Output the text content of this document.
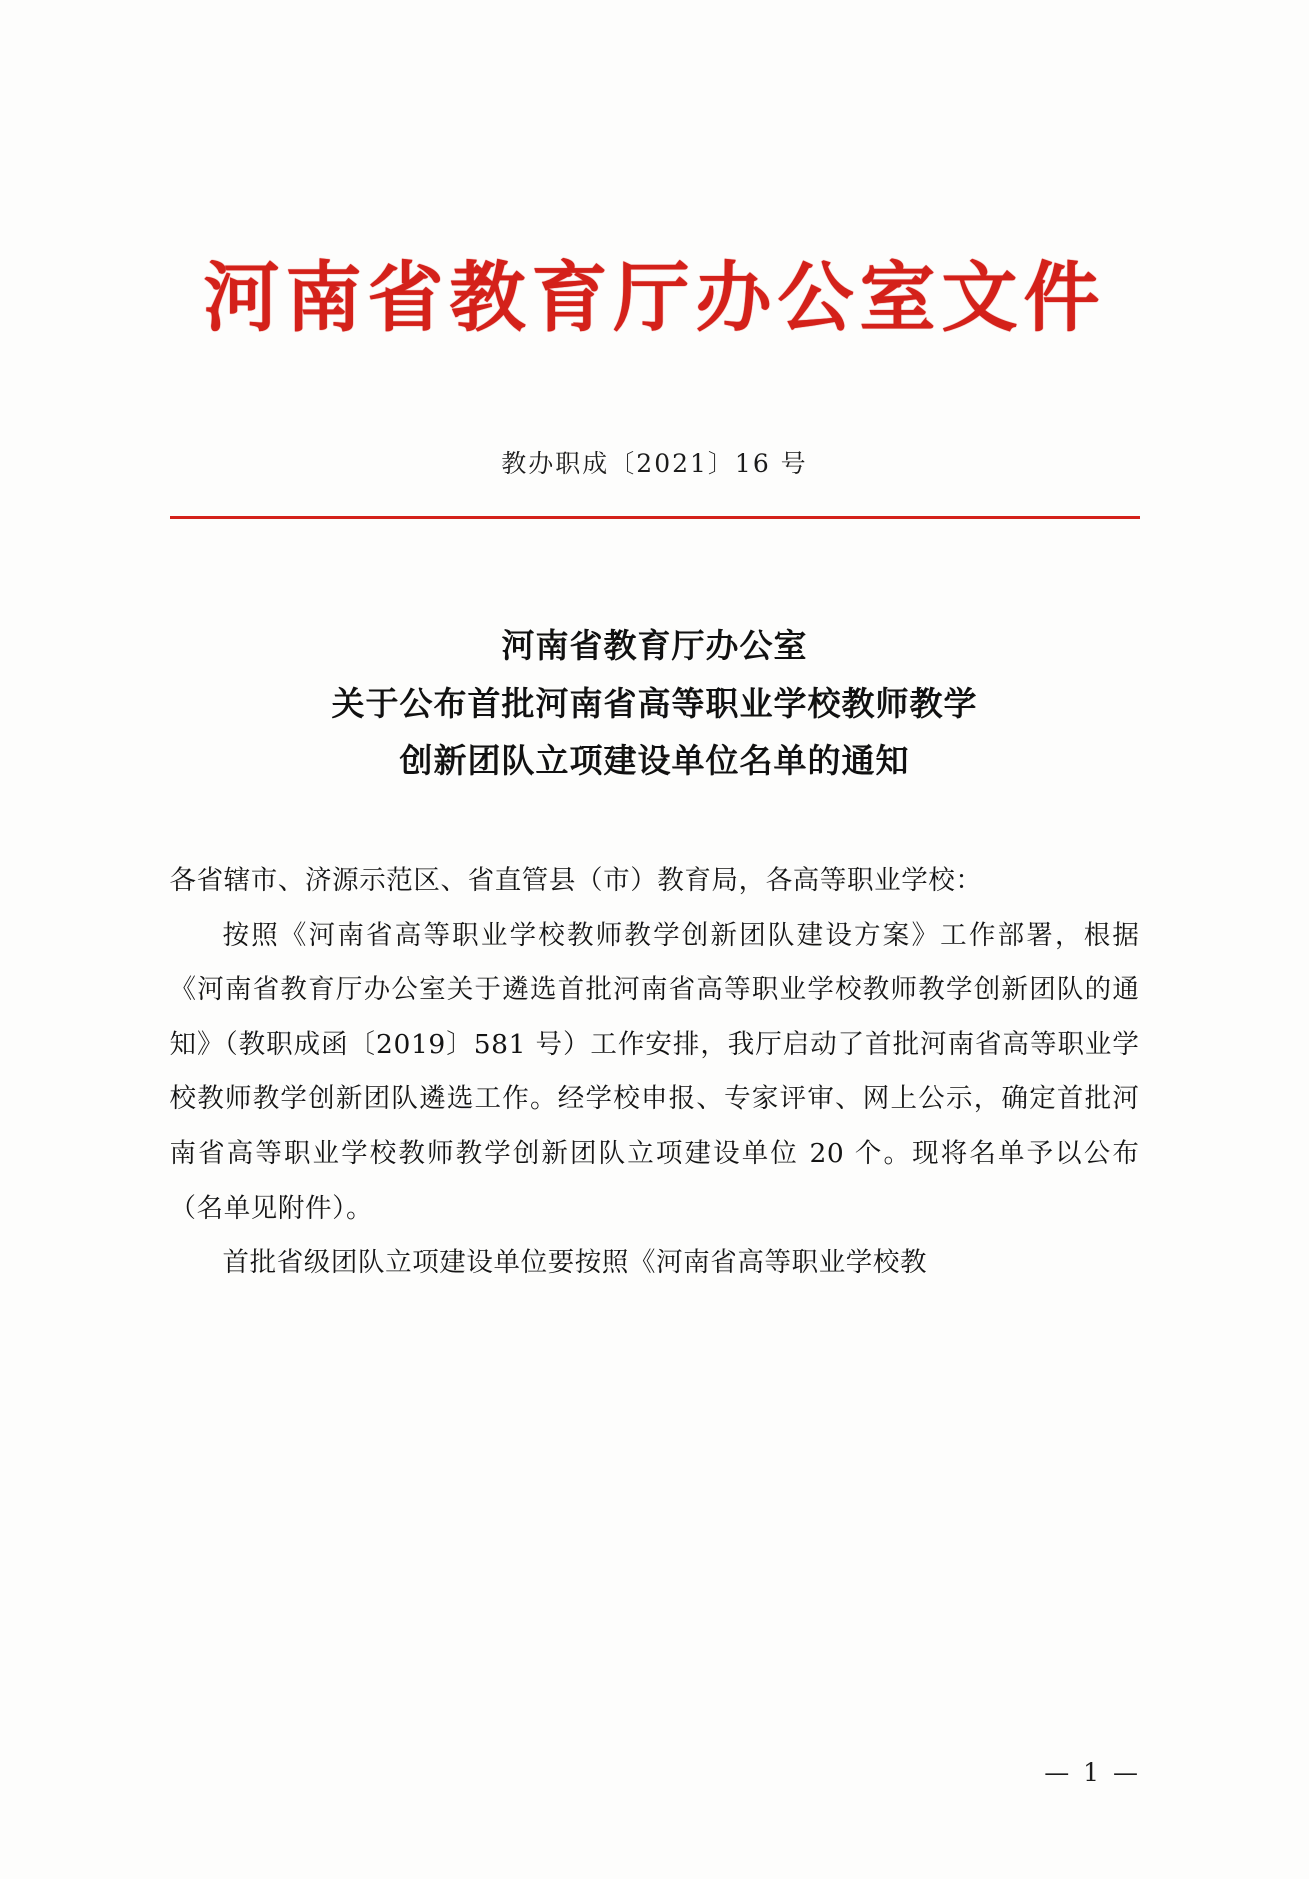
河南省教育厅办公室文件
教办职成〔2021〕16 号
河南省教育厅办公室
关于公布首批河南省高等职业学校教师教学
创新团队立项建设单位名单的通知

各省辖市、济源示范区、省直管县（市）教育局，各高等职业学校：

按照《河南省高等职业学校教师教学创新团队建设方案》工作部署，根据《河南省教育厅办公室关于遴选首批河南省高等职业学校教师教学创新团队的通知》（教职成函〔2019〕581 号）工作安排，我厅启动了首批河南省高等职业学校教师教学创新团队遴选工作。经学校申报、专家评审、网上公示，确定首批河南省高等职业学校教师教学创新团队立项建设单位 20 个。现将名单予以公布（名单见附件）。

首批省级团队立项建设单位要按照《河南省高等职业学校教

— 1 —
